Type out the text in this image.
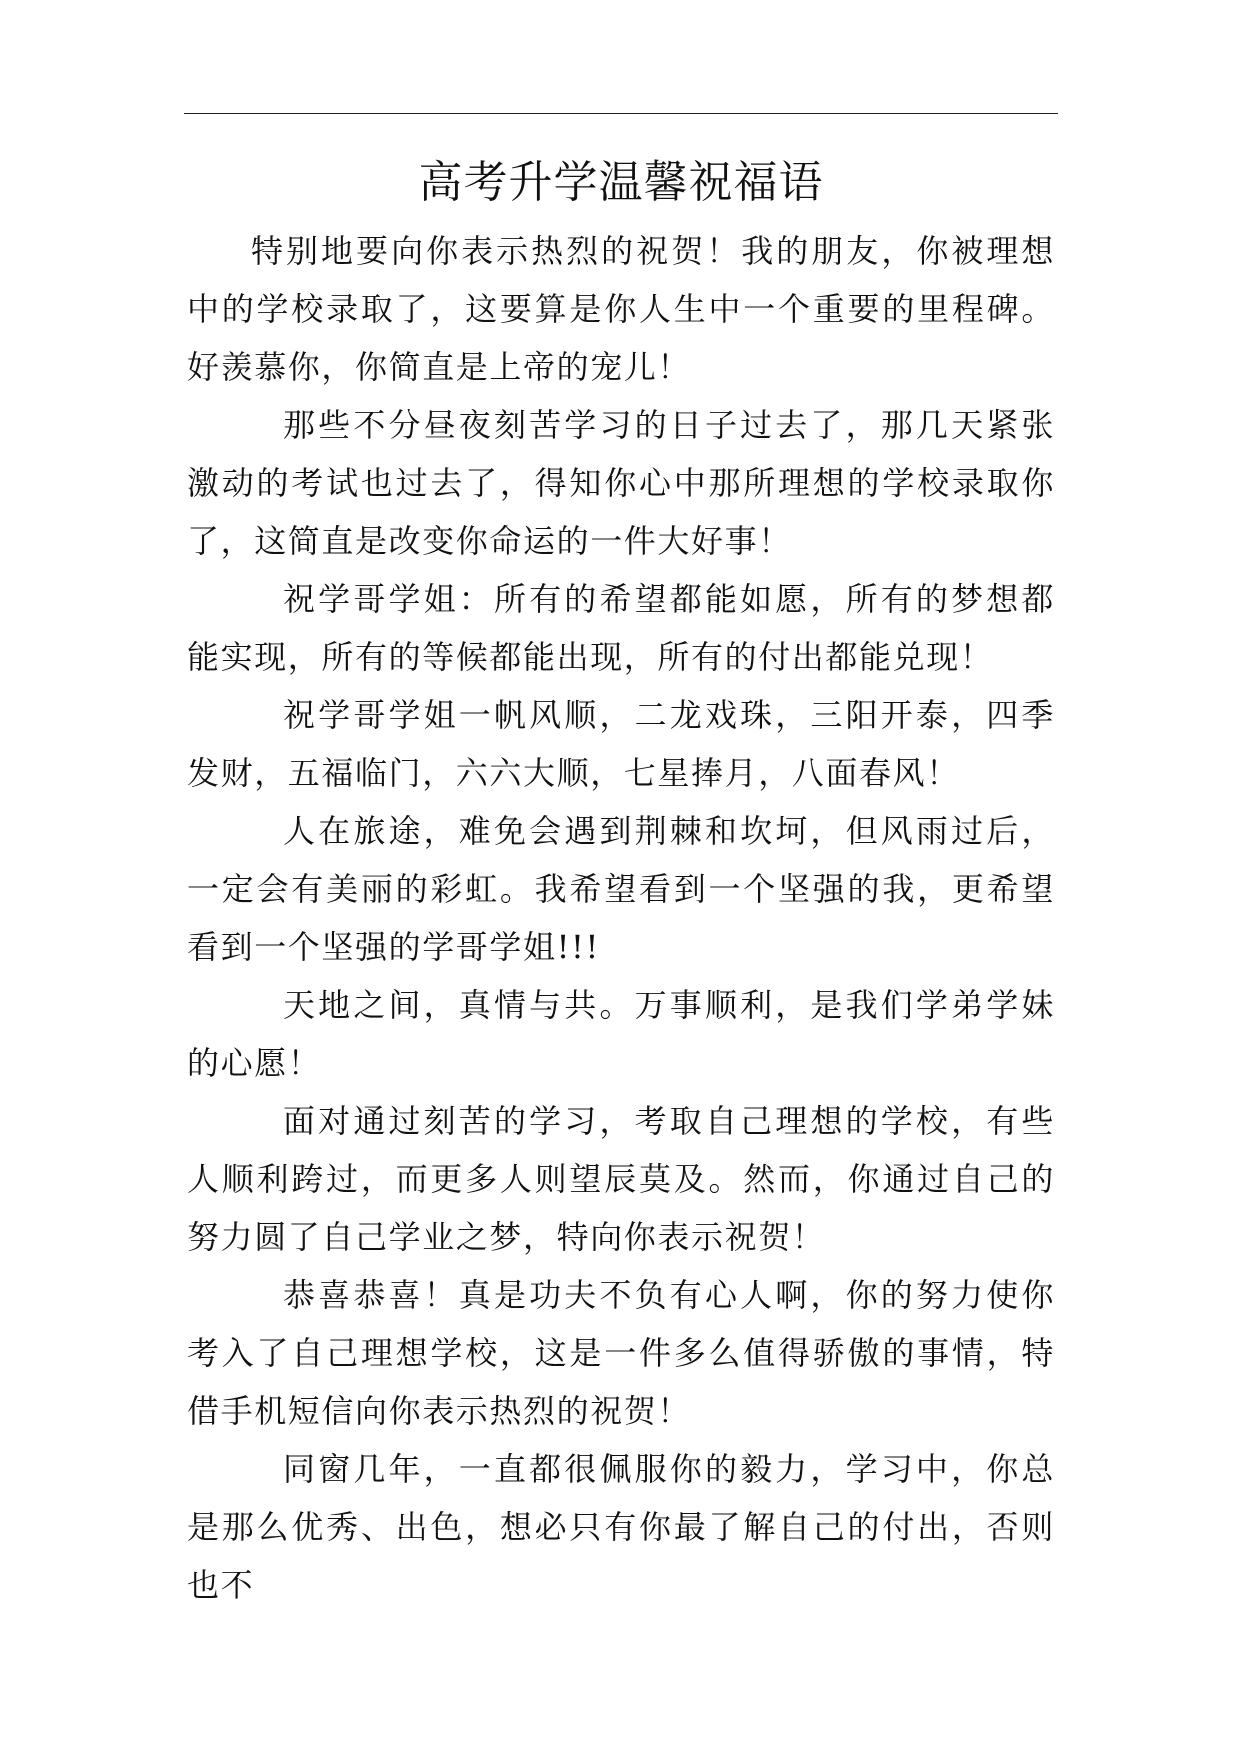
高考升学温馨祝福语

特别地要向你表示热烈的祝贺！我的朋友，你被理想中的学校录取了，这要算是你人生中一个重要的里程碑。好羡慕你，你简直是上帝的宠儿！

那些不分昼夜刻苦学习的日子过去了，那几天紧张激动的考试也过去了，得知你心中那所理想的学校录取你了，这简直是改变你命运的一件大好事！

祝学哥学姐：所有的希望都能如愿，所有的梦想都能实现，所有的等候都能出现，所有的付出都能兑现！

祝学哥学姐一帆风顺，二龙戏珠，三阳开泰，四季发财，五福临门，六六大顺，七星捧月，八面春风！

人在旅途，难免会遇到荆棘和坎坷，但风雨过后，一定会有美丽的彩虹。我希望看到一个坚强的我，更希望看到一个坚强的学哥学姐!!!

天地之间，真情与共。万事顺利，是我们学弟学妹的心愿！

面对通过刻苦的学习，考取自己理想的学校，有些人顺利跨过，而更多人则望辰莫及。然而，你通过自己的努力圆了自己学业之梦，特向你表示祝贺！

恭喜恭喜！真是功夫不负有心人啊，你的努力使你考入了自己理想学校，这是一件多么值得骄傲的事情，特借手机短信向你表示热烈的祝贺！

同窗几年，一直都很佩服你的毅力，学习中，你总是那么优秀、出色，想必只有你最了解自己的付出，否则也不
